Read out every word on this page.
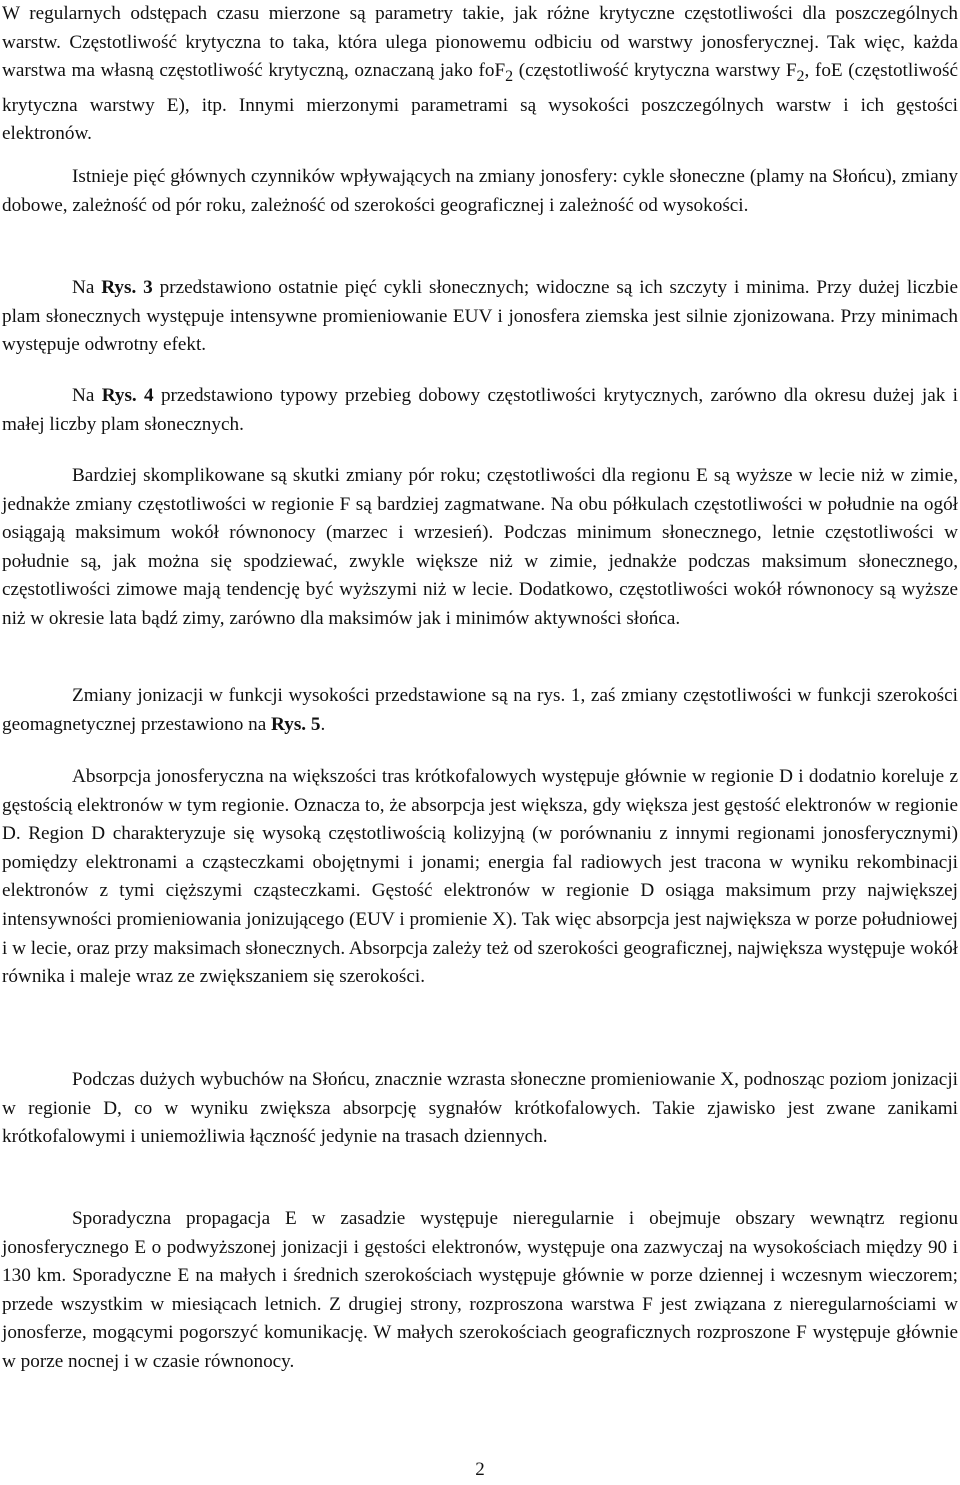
W regularnych odstępach czasu mierzone są parametry takie, jak różne krytyczne częstotliwości dla poszczególnych warstw. Częstotliwość krytyczna to taka, która ulega pionowemu odbiciu od warstwy jonosferycznej. Tak więc, każda warstwa ma własną częstotliwość krytyczną, oznaczaną jako foF$_2$ (częstotliwość krytyczna warstwy $F_2$, foE (częstotliwość krytyczna warstwy E), itp. Innymi mierzonymi parametrami są wysokości poszczególnych warstw i ich gęstości elektronów.

Istnieje pięć głównych czynników wpływających na zmiany jonosfery: cykle słoneczne (plamy na Słońcu), zmiany dobowe, zależność od pór roku, zależność od szerokości geograficznej i zależność od wysokości.

Na Rys. 3 przedstawiono ostatnie pięć cykli słonecznych; widoczne są ich szczyty i minima. Przy dużej liczbie plam słonecznych występuje intensywne promieniowanie EUV i jonosfera ziemska jest silnie zjonizowana. Przy minimach występuje odwrotny efekt.

Na Rys. 4 przedstawiono typowy przebieg dobowy częstotliwości krytycznych, zarówno dla okresu dużej jak i małej liczby plam słonecznych.

Bardziej skomplikowane są skutki zmiany pór roku; częstotliwości dla regionu E są wyższe w lecie niż w zimie, jednakże zmiany częstotliwości w regionie F są bardziej zagmatwane. Na obu półkulach częstotliwości w południe na ogół osiągają maksimum wokół równonocy (marzec i wrzesień). Podczas minimum słonecznego, letnie częstotliwości w południe są, jak można się spodziewać, zwykle większe niż w zimie, jednakże podczas maksimum słonecznego, częstotliwości zimowe mają tendencję być wyższymi niż w lecie. Dodatkowo, częstotliwości wokół równonocy są wyższe niż w okresie lata bądź zimy, zarówno dla maksimów jak i minimów aktywności słońca.

Zmiany jonizacji w funkcji wysokości przedstawione są na rys. 1, zaś zmiany częstotliwości w funkcji szerokości geomagnetycznej przestawiono na Rys. 5.

Absorpcja jonosferyczna na większości tras krótkofalowych występuje głównie w regionie D i dodatnio koreluje z gęstością elektronów w tym regionie. Oznacza to, że absorpcja jest większa, gdy większa jest gęstość elektronów w regionie D. Region D charakteryzuje się wysoką częstotliwością kolizyjną (w porównaniu z innymi regionami jonosferycznymi) pomiędzy elektronami a cząsteczkami obojętnymi i jonami; energia fal radiowych jest tracona w wyniku rekombinacji elektronów z tymi cięższymi cząsteczkami. Gęstość elektronów w regionie D osiąga maksimum przy największej intensywności promieniowania jonizującego (EUV i promienie X). Tak więc absorpcja jest największa w porze południowej i w lecie, oraz przy maksimach słonecznych. Absorpcja zależy też od szerokości geograficznej, największa występuje wokół równika i maleje wraz ze zwiększaniem się szerokości.

Podczas dużych wybuchów na Słońcu, znacznie wzrasta słoneczne promieniowanie X, podnosząc poziom jonizacji w regionie D, co w wyniku zwiększa absorpcję sygnałów krótkofalowych. Takie zjawisko jest zwane zanikami krótkofalowymi i uniemożliwia łączność jedynie na trasach dziennych.

Sporadyczna propagacja E w zasadzie występuje nieregularnie i obejmuje obszary wewnątrz regionu jonosferycznego E o podwyższonej jonizacji i gęstości elektronów, występuje ona zazwyczaj na wysokościach między 90 i 130 km. Sporadyczne E na małych i średnich szerokościach występuje głównie w porze dziennej i wczesnym wieczorem; przede wszystkim w miesiącach letnich. Z drugiej strony, rozproszona warstwa F jest związana z nieregularnościami w jonosferze, mogącymi pogorszyć komunikację. W małych szerokościach geograficznych rozproszone F występuje głównie w porze nocnej i w czasie równonocy.

2
